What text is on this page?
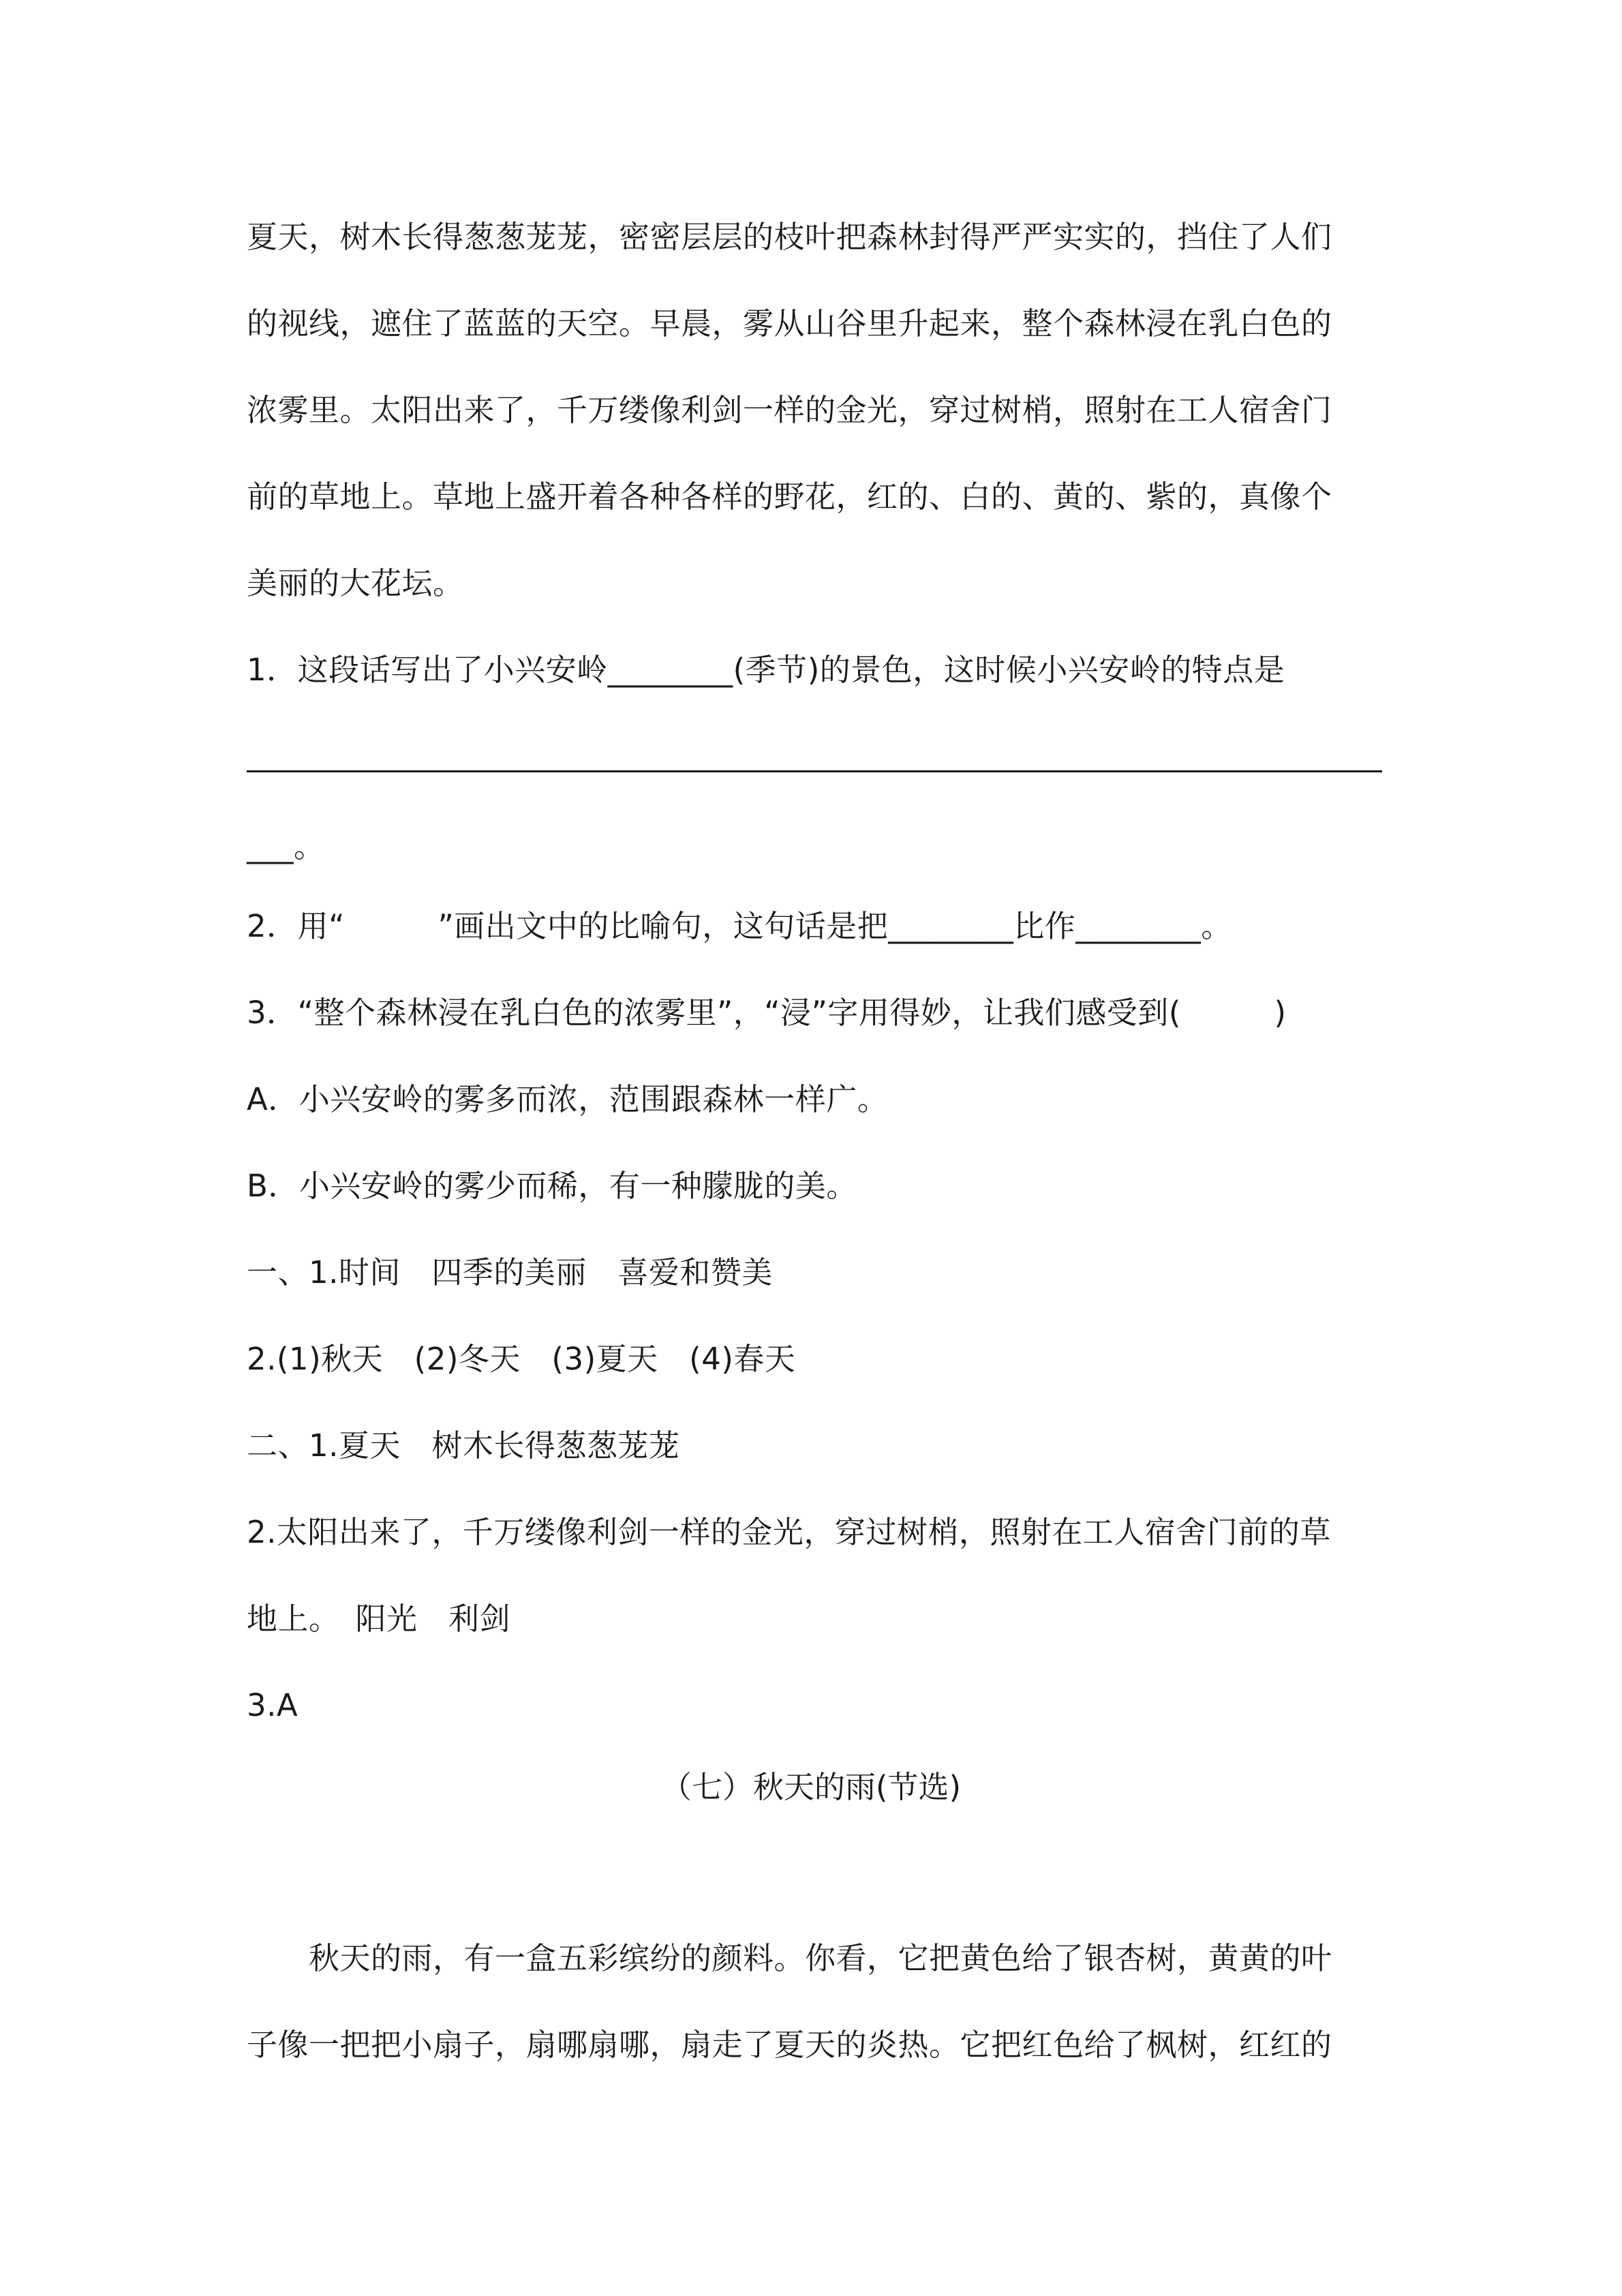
夏天，树木长得葱葱茏茏，密密层层的枝叶把森林封得严严实实的，挡住了人们
的视线，遮住了蓝蓝的天空。早晨，雾从山谷里升起来，整个森林浸在乳白色的
浓雾里。太阳出来了，千万缕像利剑一样的金光，穿过树梢，照射在工人宿舍门
前的草地上。草地上盛开着各种各样的野花，红的、白的、黄的、紫的，真像个
美丽的大花坛。
1．这段话写出了小兴安岭________(季节)的景色，这时候小兴安岭的特点是
___。
2．用“　　　”画出文中的比喻句，这句话是把________比作________。
3．“整个森林浸在乳白色的浓雾里”，“浸”字用得妙，让我们感受到(　　　)
A．小兴安岭的雾多而浓，范围跟森林一样广。
B．小兴安岭的雾少而稀，有一种朦胧的美。
一、1.时间　四季的美丽　喜爱和赞美
2.(1)秋天　(2)冬天　(3)夏天　(4)春天
二、1.夏天　树木长得葱葱茏茏
2.太阳出来了，千万缕像利剑一样的金光，穿过树梢，照射在工人宿舍门前的草
地上。　阳光　利剑
3.A
（七）秋天的雨(节选)
　　秋天的雨，有一盒五彩缤纷的颜料。你看，它把黄色给了银杏树，黄黄的叶
子像一把把小扇子，扇哪扇哪，扇走了夏天的炎热。它把红色给了枫树，红红的
